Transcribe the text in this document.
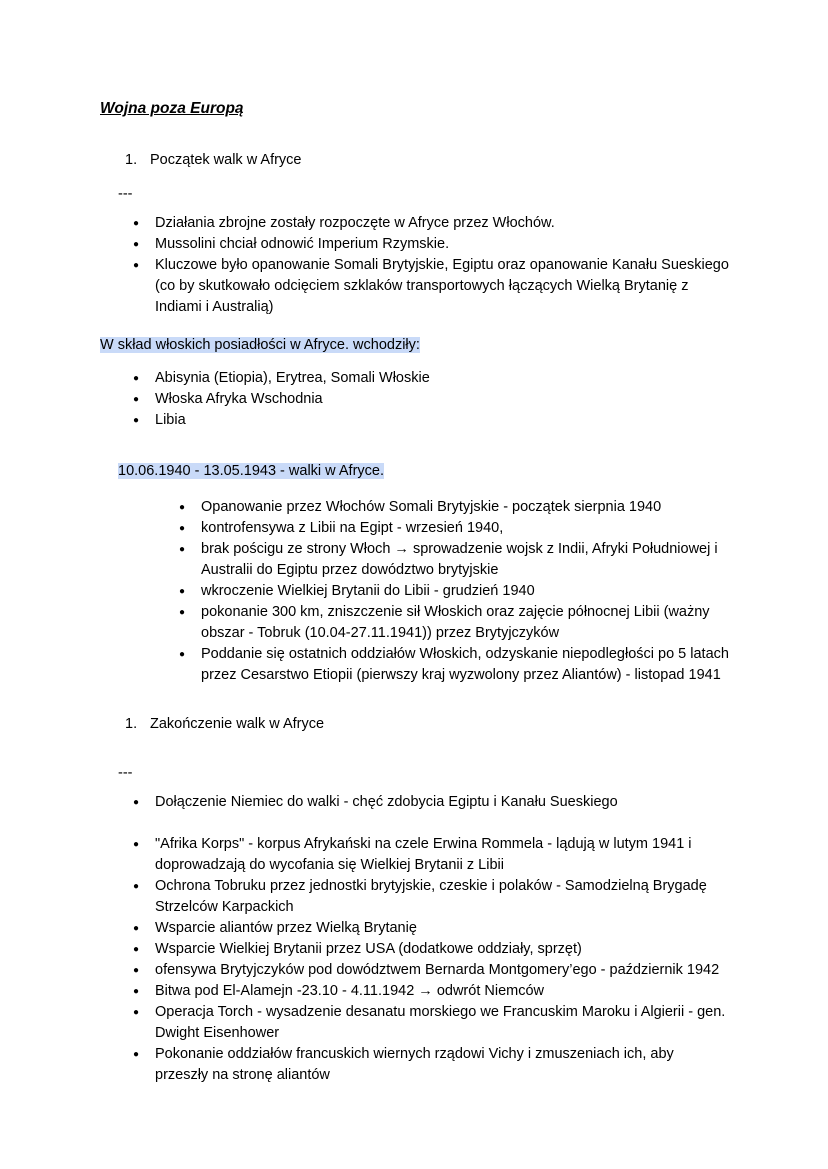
Wojna poza Europą
1. Początek walk w Afryce
---
●	Działania zbrojne zostały rozpoczęte w Afryce przez Włochów.
●	Mussolini chciał odnowić Imperium Rzymskie.
●	Kluczowe było opanowanie Somali Brytyjskie, Egiptu oraz opanowanie Kanału Sueskiego (co by skutkowało odcięciem szklaków transportowych łączących Wielką Brytanię z Indiami i Australią)
W skład włoskich posiadłości w Afryce. wchodziły:
●	Abisynia (Etiopia), Erytrea, Somali Włoskie
●	Włoska Afryka Wschodnia
●	Libia
10.06.1940 - 13.05.1943 - walki w Afryce.
●	Opanowanie przez Włochów Somali Brytyjskie - początek sierpnia 1940
●	kontrofensywa z Libii na Egipt - wrzesień 1940,
●	brak pościgu ze strony Włoch → sprowadzenie wojsk z Indii, Afryki Południowej i Australii do Egiptu przez dowództwo brytyjskie
●	wkroczenie Wielkiej Brytanii do Libii - grudzień 1940
●	pokonanie 300 km, zniszczenie sił Włoskich oraz zajęcie północnej Libii (ważny obszar - Tobruk (10.04-27.11.1941)) przez Brytyjczyków
●	Poddanie się ostatnich oddziałów Włoskich, odzyskanie niepodległości po 5 latach przez Cesarstwo Etiopii (pierwszy kraj wyzwolony przez Aliantów) - listopad 1941
1. Zakończenie walk w Afryce
---
●	Dołączenie Niemiec do walki - chęć zdobycia Egiptu i Kanału Sueskiego
●	"Afrika Korps" - korpus Afrykański na czele Erwina Rommela - lądują w lutym 1941 i doprowadzają do wycofania się Wielkiej Brytanii z Libii
●	Ochrona Tobruku przez jednostki brytyjskie, czeskie i polaków - Samodzielną Brygadę Strzelców Karpackich
●	Wsparcie aliantów przez Wielką Brytanię
●	Wsparcie Wielkiej Brytanii przez USA (dodatkowe oddziały, sprzęt)
●	ofensywa Brytyjczyków pod dowództwem Bernarda Montgomery’ego - październik 1942
●	Bitwa pod El-Alamejn -23.10 - 4.11.1942 → odwrót Niemców
●	Operacja Torch - wysadzenie desanatu morskiego we Francuskim Maroku i Algierii - gen. Dwight Eisenhower
●	Pokonanie oddziałów francuskich wiernych rządowi Vichy i zmuszeniach ich, aby przeszły na stronę aliantów
